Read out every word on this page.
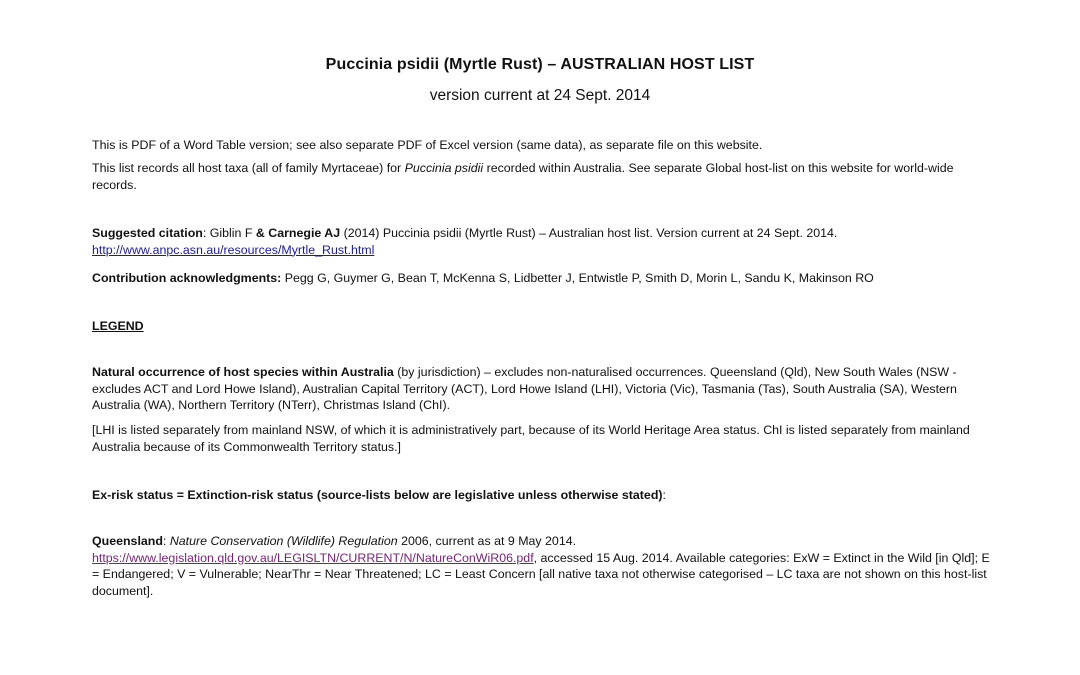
Puccinia psidii (Myrtle Rust) – AUSTRALIAN HOST LIST
version current at 24 Sept. 2014
This is PDF of a Word Table version; see also separate PDF of Excel version (same data), as separate file on this website.
This list records all host taxa (all of family Myrtaceae) for Puccinia psidii recorded within Australia. See separate Global host-list on this website for world-wide records.
Suggested citation: Giblin F & Carnegie AJ (2014) Puccinia psidii (Myrtle Rust) – Australian host list. Version current at 24 Sept. 2014.
http://www.anpc.asn.au/resources/Myrtle_Rust.html
Contribution acknowledgments: Pegg G, Guymer G, Bean T, McKenna S, Lidbetter J, Entwistle P, Smith D, Morin L, Sandu K, Makinson RO
LEGEND
Natural occurrence of host species within Australia (by jurisdiction) – excludes non-naturalised occurrences. Queensland (Qld), New South Wales (NSW - excludes ACT and Lord Howe Island), Australian Capital Territory (ACT), Lord Howe Island (LHI), Victoria (Vic), Tasmania (Tas), South Australia (SA), Western Australia (WA), Northern Territory (NTerr), Christmas Island (ChI).
[LHI is listed separately from mainland NSW, of which it is administratively part, because of its World Heritage Area status. ChI is listed separately from mainland Australia because of its Commonwealth Territory status.]
Ex-risk status = Extinction-risk status (source-lists below are legislative unless otherwise stated):
Queensland: Nature Conservation (Wildlife) Regulation 2006, current as at 9 May 2014.
https://www.legislation.qld.gov.au/LEGISLTN/CURRENT/N/NatureConWiR06.pdf, accessed 15 Aug. 2014. Available categories: ExW = Extinct in the Wild [in Qld]; E = Endangered; V = Vulnerable; NearThr = Near Threatened; LC = Least Concern [all native taxa not otherwise categorised – LC taxa are not shown on this host-list document].
